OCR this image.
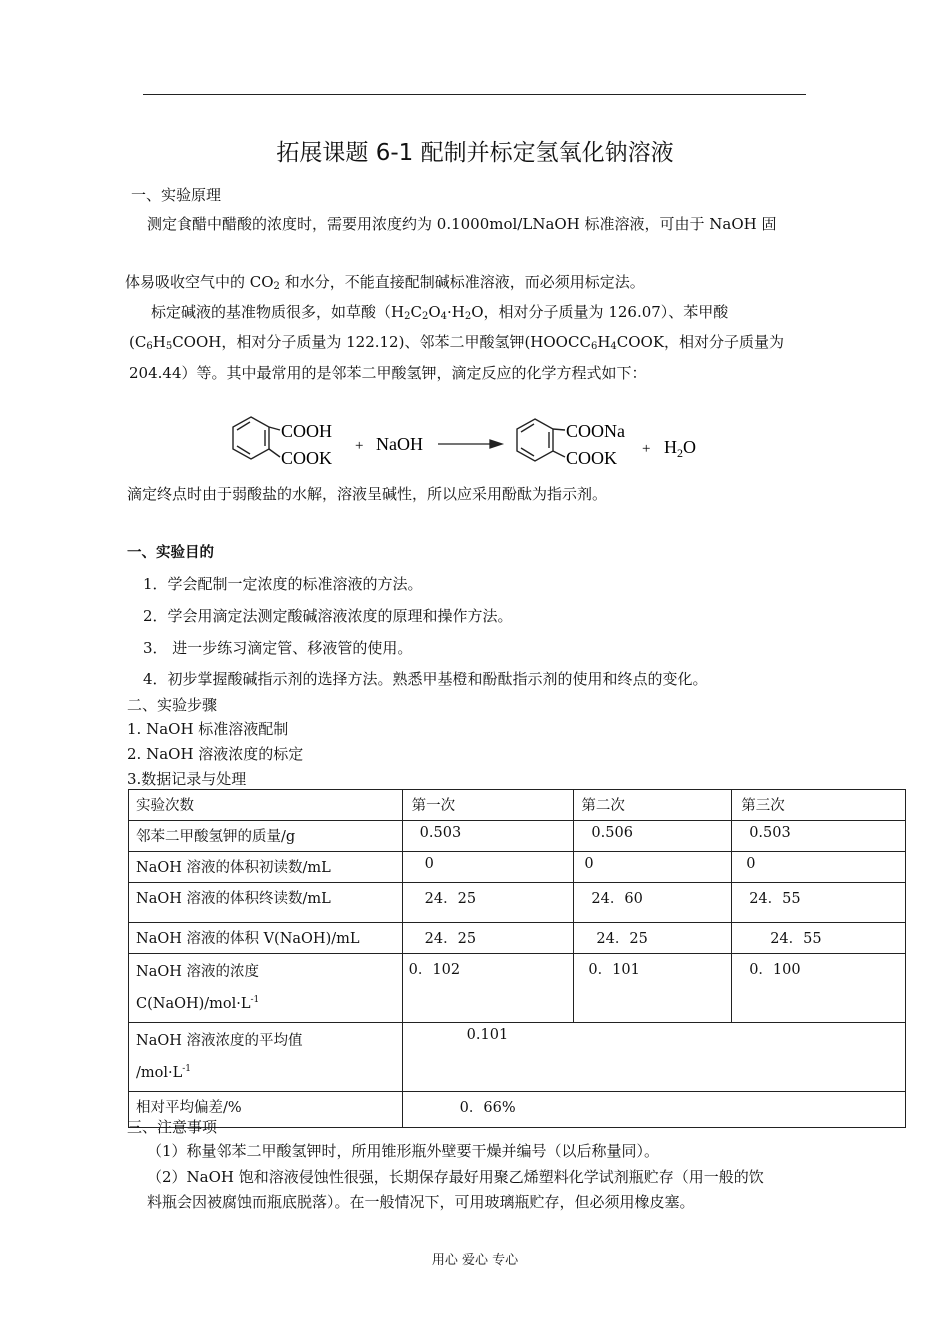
拓展课题 6-1 配制并标定氢氧化钠溶液
一、实验原理
测定食醋中醋酸的浓度时，需要用浓度约为 0.1000mol/LNaOH 标准溶液，可由于 NaOH 固
体易吸收空气中的 $CO_2$ 和水分，不能直接配制碱标准溶液，而必须用标定法。
标定碱液的基准物质很多，如草酸（$H_2C_2O_4\cdot H_2O$，相对分子质量为 126.07）、苯甲酸
($C_6H_5COOH$，相对分子质量为 122.12)、邻苯二甲酸氢钾($HOOCC_6H_4COOK$，相对分子质量为
204.44）等。其中最常用的是邻苯二甲酸氢钾，滴定反应的化学方程式如下：
COOH
COOK
+ NaOH
COONa
COOK + $H_2O$
滴定终点时由于弱酸盐的水解，溶液呈碱性，所以应采用酚酞为指示剂。
一、实验目的
1．学会配制一定浓度的标准溶液的方法。
2．学会用滴定法测定酸碱溶液浓度的原理和操作方法。
3． 进一步练习滴定管、移液管的使用。
4．初步掌握酸碱指示剂的选择方法。熟悉甲基橙和酚酞指示剂的使用和终点的变化。
二、实验步骤
1. NaOH 标准溶液配制
2. NaOH 溶液浓度的标定
3.数据记录与处理
实验次数	第一次	第二次	第三次
邻苯二甲酸氢钾的质量/g	0.503	0.506	0.503
NaOH 溶液的体积初读数/mL	0	0	0
NaOH 溶液的体积终读数/mL	24．25	24．60	24．55
NaOH 溶液的体积 V(NaOH)/mL	24．25	24．25	24．55

NaOH 溶液的浓度
$C(NaOH)/mol\cdot L^{-1}$	0．102	0．101	0．100

NaOH 溶液浓度的平均值
$/mol\cdot L^{-1}$	0.101		
相对平均偏差/%	0．66%		
三、注意事项
（1）称量邻苯二甲酸氢钾时，所用锥形瓶外壁要干燥并编号（以后称量同）。
（2）NaOH 饱和溶液侵蚀性很强，长期保存最好用聚乙烯塑料化学试剂瓶贮存（用一般的饮
料瓶会因被腐蚀而瓶底脱落）。在一般情况下，可用玻璃瓶贮存，但必须用橡皮塞。
用心 爱心 专心
